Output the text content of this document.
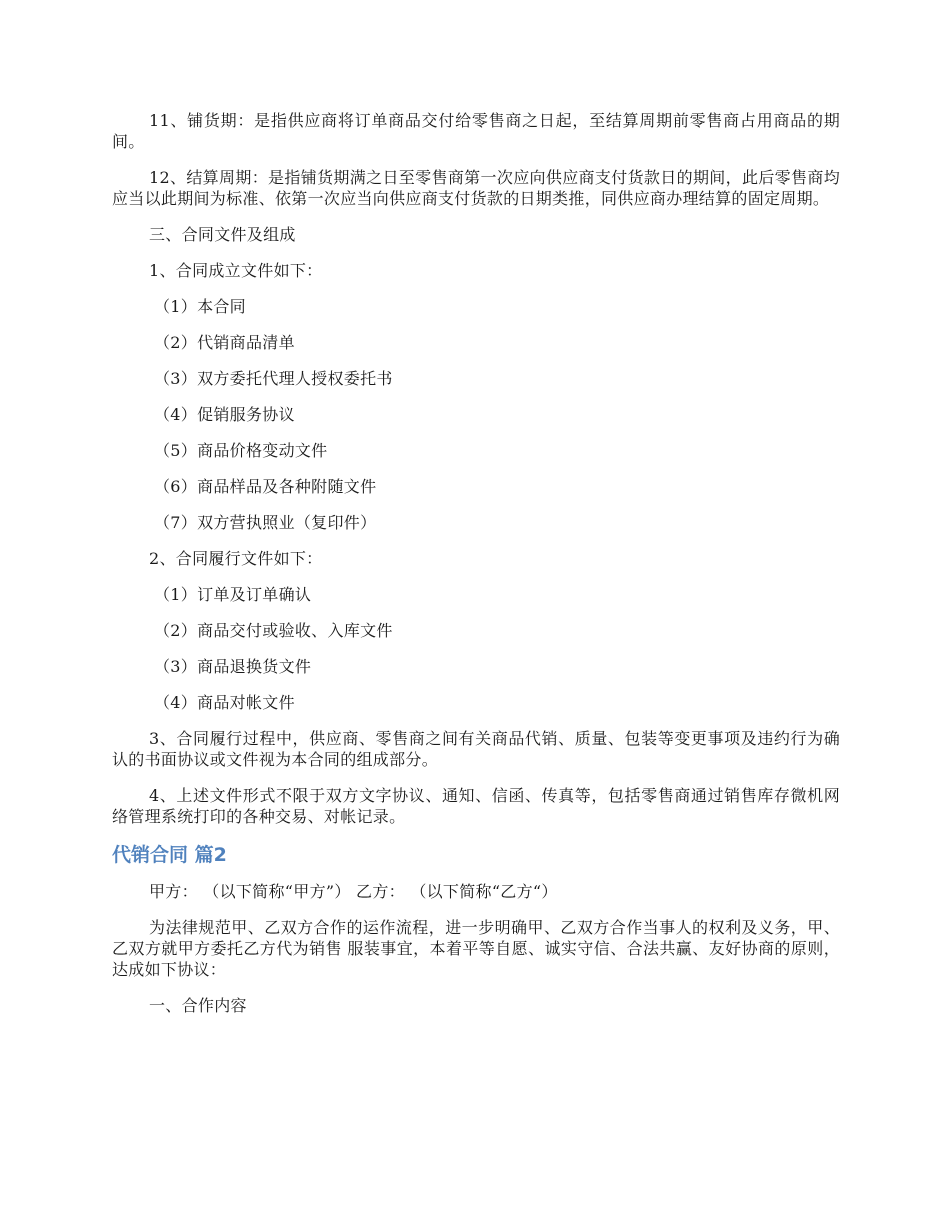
11、铺货期：是指供应商将订单商品交付给零售商之日起，至结算周期前零售商占用商品的期间。

12、结算周期：是指铺货期满之日至零售商第一次应向供应商支付货款日的期间，此后零售商均应当以此期间为标准、依第一次应当向供应商支付货款的日期类推，同供应商办理结算的固定周期。

三、合同文件及组成

1、合同成立文件如下：

（1）本合同

（2）代销商品清单

（3）双方委托代理人授权委托书

（4）促销服务协议

（5）商品价格变动文件

（6）商品样品及各种附随文件

（7）双方营执照业（复印件）

2、合同履行文件如下：

（1）订单及订单确认

（2）商品交付或验收、入库文件

（3）商品退换货文件

（4）商品对帐文件

3、合同履行过程中，供应商、零售商之间有关商品代销、质量、包装等变更事项及违约行为确认的书面协议或文件视为本合同的组成部分。

4、上述文件形式不限于双方文字协议、通知、信函、传真等，包括零售商通过销售库存微机网络管理系统打印的各种交易、对帐记录。

代销合同 篇2

甲方： （以下简称“甲方”） 乙方： （以下简称“乙方“）

为法律规范甲、乙双方合作的运作流程，进一步明确甲、乙双方合作当事人的权利及义务，甲、乙双方就甲方委托乙方代为销售 服装事宜，本着平等自愿、诚实守信、合法共赢、友好协商的原则，达成如下协议：

一、合作内容
